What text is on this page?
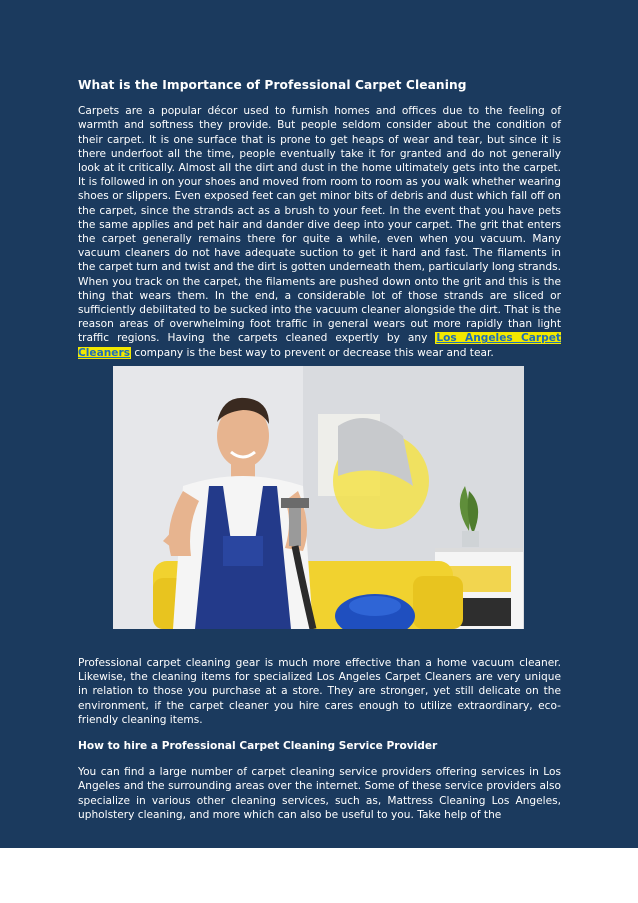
What is the Importance of Professional Carpet Cleaning

Carpets are a popular décor used to furnish homes and offices due to the feeling of warmth and softness they provide. But people seldom consider about the condition of their carpet. It is one surface that is prone to get heaps of wear and tear, but since it is there underfoot all the time, people eventually take it for granted and do not generally look at it critically. Almost all the dirt and dust in the home ultimately gets into the carpet. It is followed in on your shoes and moved from room to room as you walk whether wearing shoes or slippers. Even exposed feet can get minor bits of debris and dust which fall off on the carpet, since the strands act as a brush to your feet. In the event that you have pets the same applies and pet hair and dander dive deep into your carpet. The grit that enters the carpet generally remains there for quite a while, even when you vacuum. Many vacuum cleaners do not have adequate suction to get it hard and fast. The filaments in the carpet turn and twist and the dirt is gotten underneath them, particularly long strands. When you track on the carpet, the filaments are pushed down onto the grit and this is the thing that wears them. In the end, a considerable lot of those strands are sliced or sufficiently debilitated to be sucked into the vacuum cleaner alongside the dirt. That is the reason areas of overwhelming foot traffic in general wears out more rapidly than light traffic regions. Having the carpets cleaned expertly by any Los Angeles Carpet Cleaners company is the best way to prevent or decrease this wear and tear.

Professional carpet cleaning gear is much more effective than a home vacuum cleaner. Likewise, the cleaning items for specialized Los Angeles Carpet Cleaners are very unique in relation to those you purchase at a store. They are stronger, yet still delicate on the environment, if the carpet cleaner you hire cares enough to utilize extraordinary, eco-friendly cleaning items.

How to hire a Professional Carpet Cleaning Service Provider

You can find a large number of carpet cleaning service providers offering services in Los Angeles and the surrounding areas over the internet. Some of these service providers also specialize in various other cleaning services, such as, Mattress Cleaning Los Angeles, upholstery cleaning, and more which can also be useful to you. Take help of the
